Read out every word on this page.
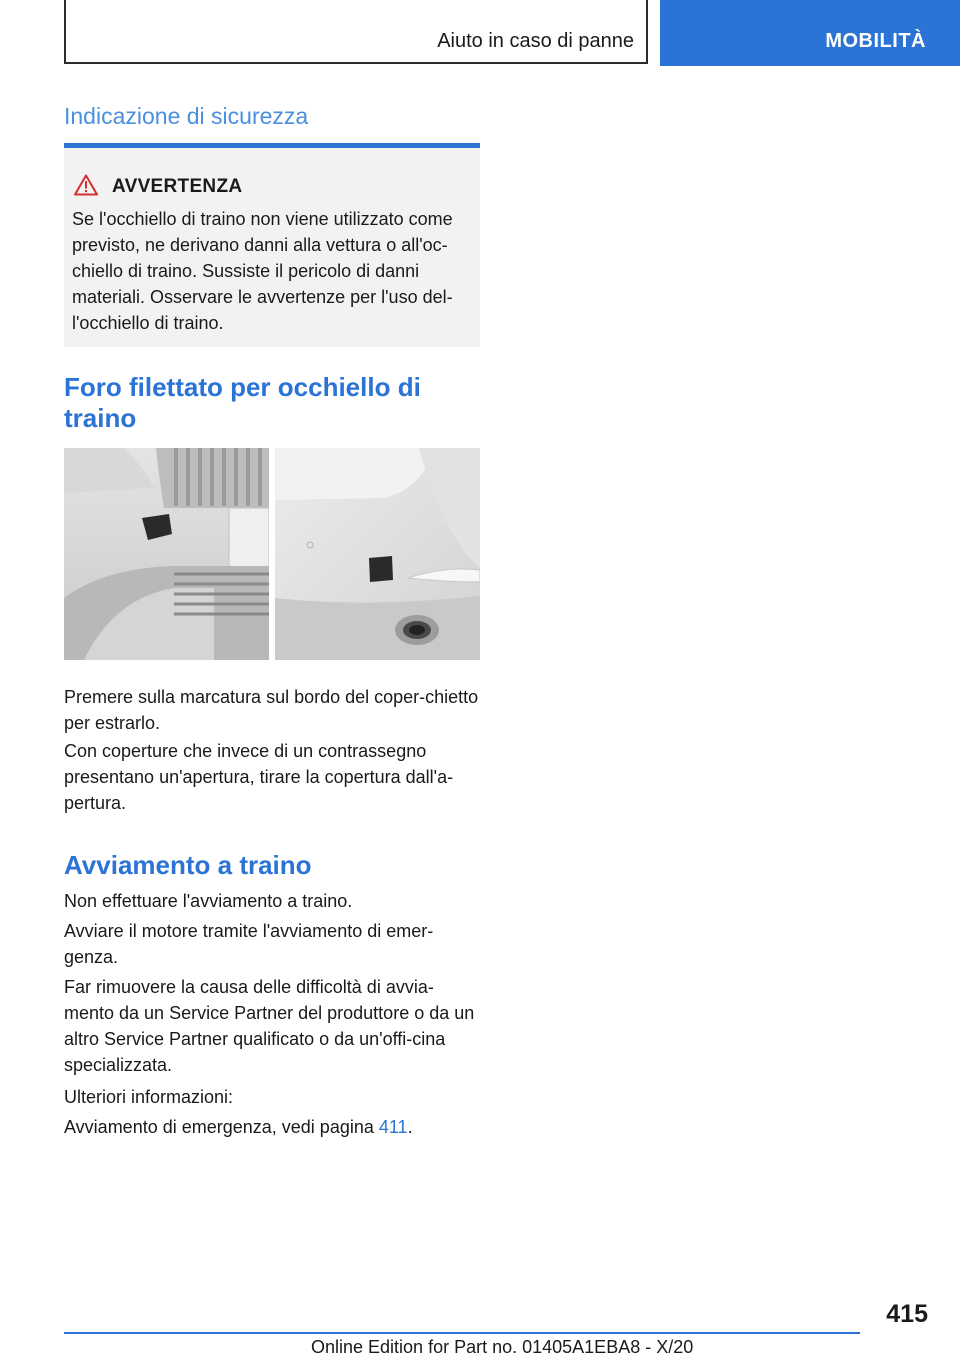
Aiuto in caso di panne	MOBILITÀ
Indicazione di sicurezza
AVVERTENZA
Se l'occhiello di traino non viene utilizzato come previsto, ne derivano danni alla vettura o all'oc-chiello di traino. Sussiste il pericolo di danni materiali. Osservare le avvertenze per l'uso del-l'occhiello di traino.
Foro filettato per occhiello di traino

Premere sulla marcatura sul bordo del coper-chietto per estrarlo.

Con coperture che invece di un contrassegno presentano un'apertura, tirare la copertura dall'a-pertura.

Avviamento a traino

Non effettuare l'avviamento a traino.

Avviare il motore tramite l'avviamento di emer-genza.

Far rimuovere la causa delle difficoltà di avvia-mento da un Service Partner del produttore o da un altro Service Partner qualificato o da un'offi-cina specializzata.

Ulteriori informazioni:

Avviamento di emergenza, vedi pagina 411.

415
Online Edition for Part no. 01405A1EBA8 - X/20
